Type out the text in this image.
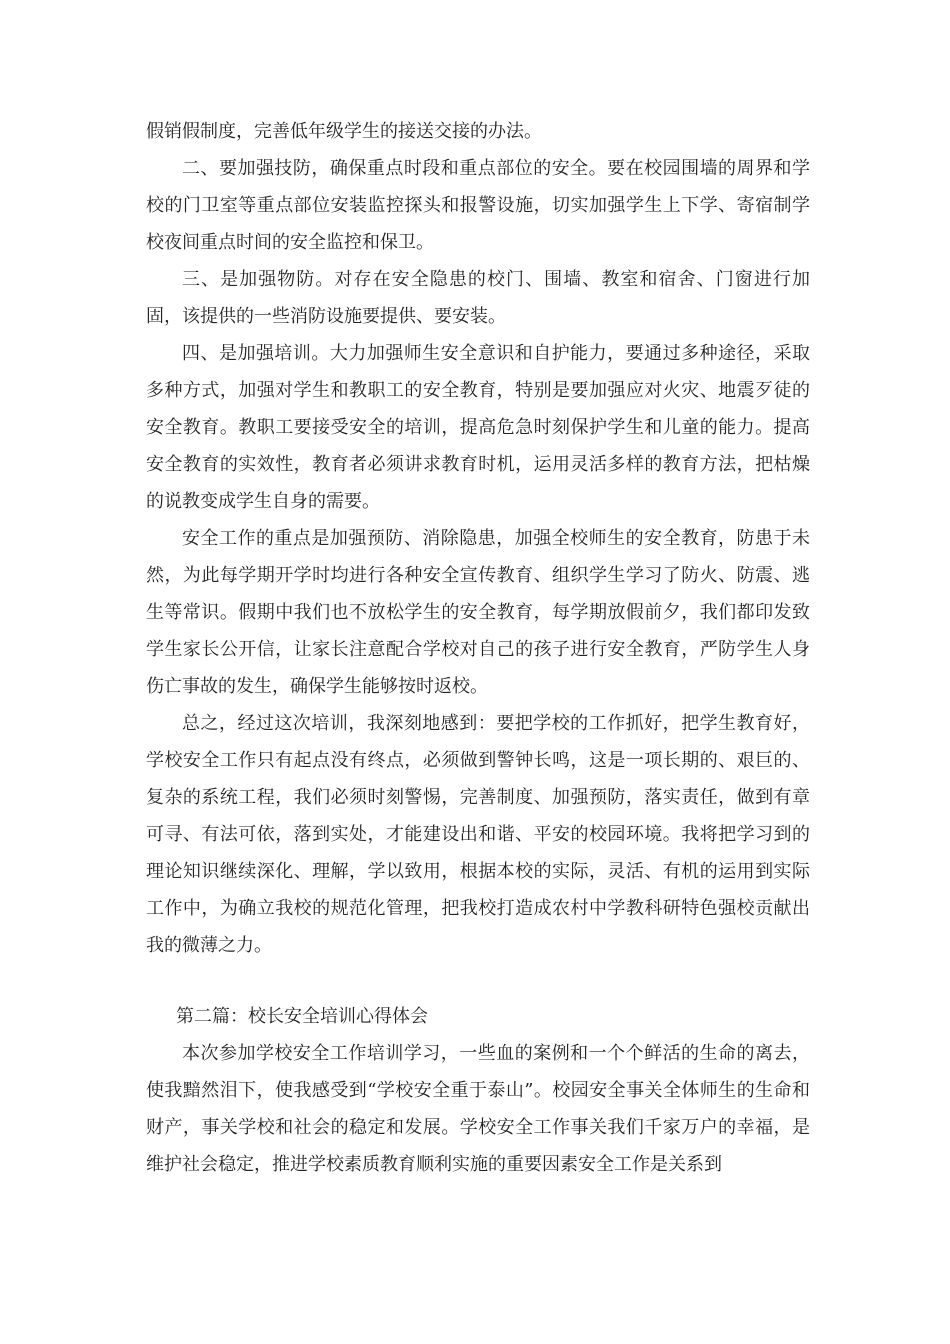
假销假制度，完善低年级学生的接送交接的办法。

二、要加强技防，确保重点时段和重点部位的安全。要在校园围墙的周界和学校的门卫室等重点部位安装监控探头和报警设施，切实加强学生上下学、寄宿制学校夜间重点时间的安全监控和保卫。

三、是加强物防。对存在安全隐患的校门、围墙、教室和宿舍、门窗进行加固，该提供的一些消防设施要提供、要安装。

四、是加强培训。大力加强师生安全意识和自护能力，要通过多种途径，采取多种方式，加强对学生和教职工的安全教育，特别是要加强应对火灾、地震歹徒的安全教育。教职工要接受安全的培训，提高危急时刻保护学生和儿童的能力。提高安全教育的实效性，教育者必须讲求教育时机，运用灵活多样的教育方法，把枯燥的说教变成学生自身的需要。

安全工作的重点是加强预防、消除隐患，加强全校师生的安全教育，防患于未然，为此每学期开学时均进行各种安全宣传教育、组织学生学习了防火、防震、逃生等常识。假期中我们也不放松学生的安全教育，每学期放假前夕，我们都印发致学生家长公开信，让家长注意配合学校对自己的孩子进行安全教育，严防学生人身伤亡事故的发生，确保学生能够按时返校。

总之，经过这次培训，我深刻地感到：要把学校的工作抓好，把学生教育好，学校安全工作只有起点没有终点，必须做到警钟长鸣，这是一项长期的、艰巨的、复杂的系统工程，我们必须时刻警惕，完善制度、加强预防，落实责任，做到有章可寻、有法可依，落到实处，才能建设出和谐、平安的校园环境。我将把学习到的理论知识继续深化、理解，学以致用，根据本校的实际，灵活、有机的运用到实际工作中，为确立我校的规范化管理，把我校打造成农村中学教科研特色强校贡献出我的微薄之力。

第二篇：校长安全培训心得体会

本次参加学校安全工作培训学习，一些血的案例和一个个鲜活的生命的离去，使我黯然泪下，使我感受到“学校安全重于泰山”。校园安全事关全体师生的生命和财产，事关学校和社会的稳定和发展。学校安全工作事关我们千家万户的幸福，是维护社会稳定，推进学校素质教育顺利实施的重要因素安全工作是关系到
